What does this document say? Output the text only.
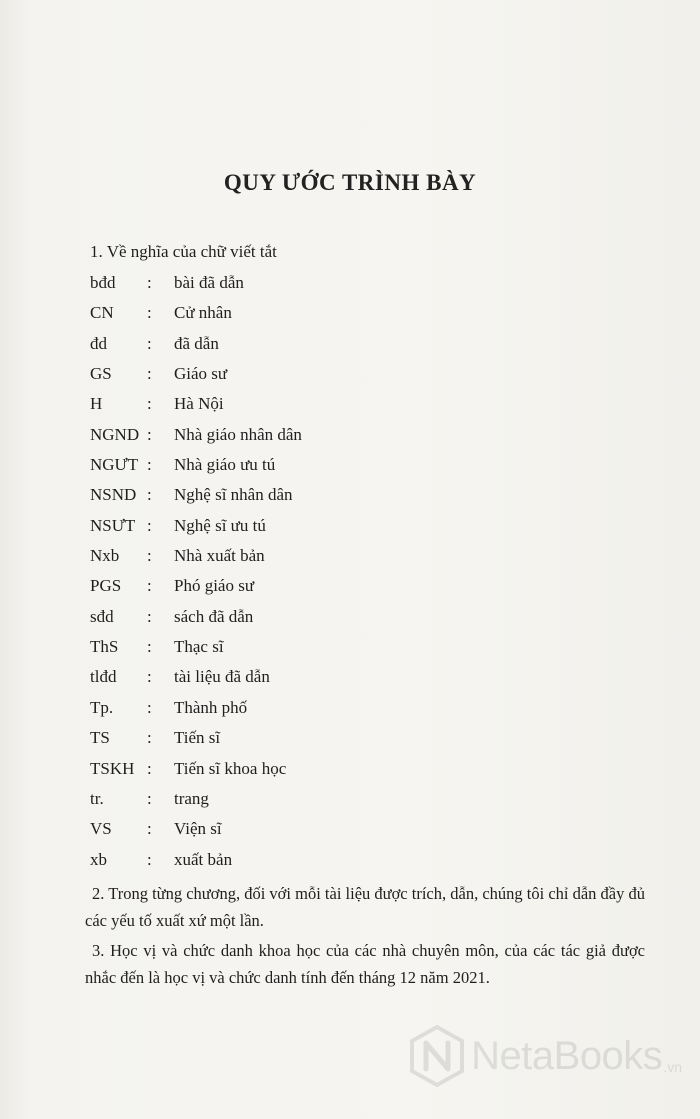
QUY ƯỚC TRÌNH BÀY
1. Về nghĩa của chữ viết tắt
bđd : bài đã dẫn
CN : Cử nhân
đd : đã dẫn
GS : Giáo sư
H	: Hà Nội
NGND : Nhà giáo nhân dân
NGƯT : Nhà giáo ưu tú
NSND : Nghệ sĩ nhân dân
NSƯT : Nghệ sĩ ưu tú
Nxb : Nhà xuất bản
PGS : Phó giáo sư
sđd : sách đã dẫn
ThS : Thạc sĩ
tlđd : tài liệu đã dẫn
Tp. : Thành phố
TS : Tiến sĩ
TSKH : Tiến sĩ khoa học
tr.	: trang
VS : Viện sĩ
xb : xuất bản
2. Trong từng chương, đối với mỗi tài liệu được trích, dẫn, chúng tôi chỉ dẫn đầy đủ các yếu tố xuất xứ một lần.
3. Học vị và chức danh khoa học của các nhà chuyên môn, của các tác giả được nhắc đến là học vị và chức danh tính đến tháng 12 năm 2021.
NetaBooks .vn
